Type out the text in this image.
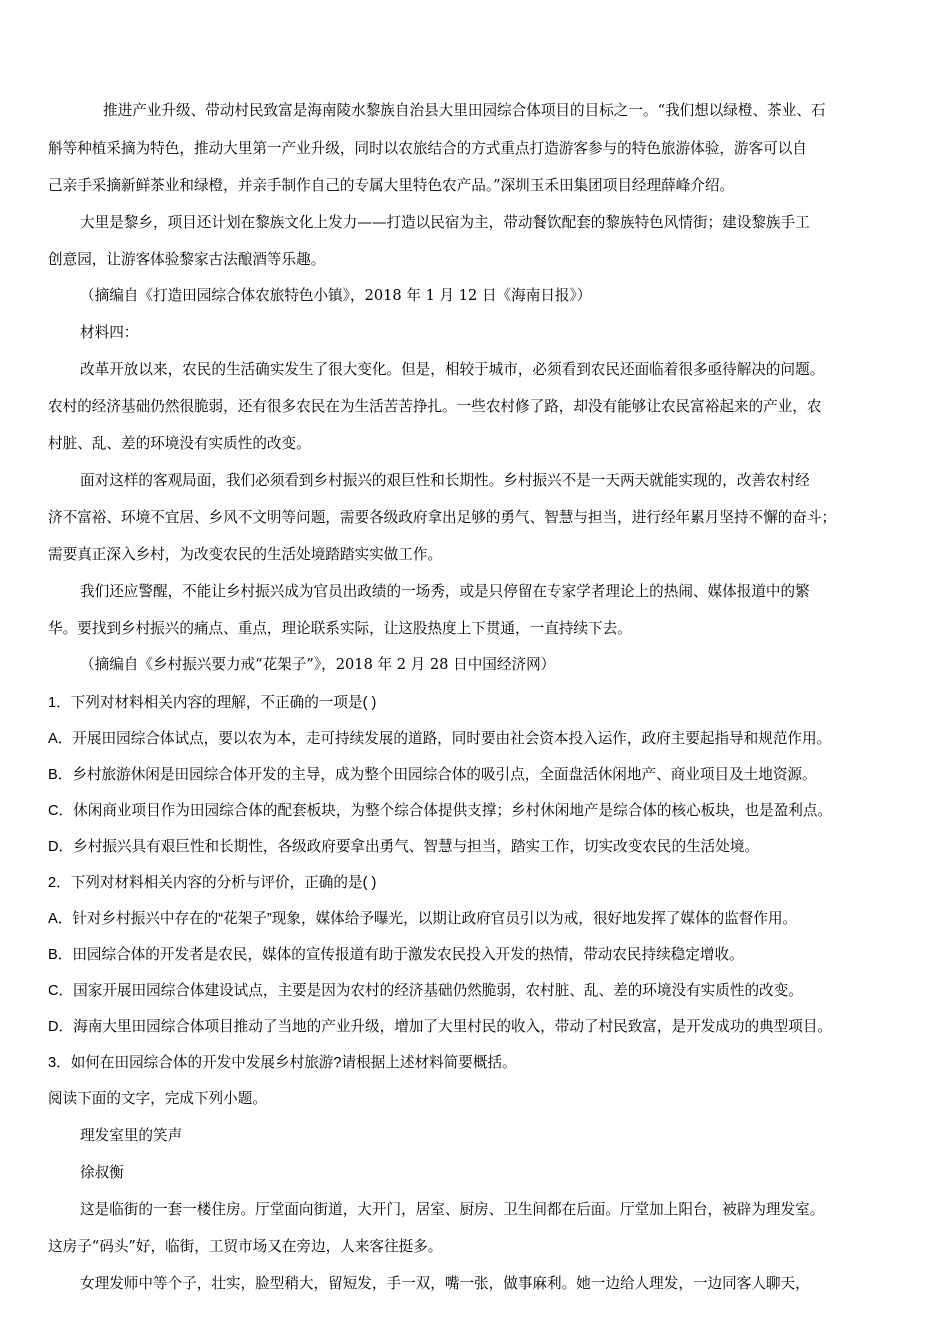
推进产业升级、带动村民致富是海南陵水黎族自治县大里田园综合体项目的目标之一。“我们想以绿橙、茶业、石
斛等种植采摘为特色，推动大里第一产业升级，同时以农旅结合的方式重点打造游客参与的特色旅游体验，游客可以自
己亲手采摘新鲜茶业和绿橙，并亲手制作自己的专属大里特色农产品。”深圳玉禾田集团项目经理薛峰介绍。
大里是黎乡，项目还计划在黎族文化上发力——打造以民宿为主，带动餐饮配套的黎族特色风情街；建设黎族手工
创意园，让游客体验黎家古法酿酒等乐趣。
（摘编自《打造田园综合体农旅特色小镇》，2018 年 1 月 12 日《海南日报》）
材料四：
改革开放以来，农民的生活确实发生了很大变化。但是，相较于城市，必须看到农民还面临着很多亟待解决的问题。
农村的经济基础仍然很脆弱，还有很多农民在为生活苦苦挣扎。一些农村修了路，却没有能够让农民富裕起来的产业，农
村脏、乱、差的环境没有实质性的改变。
面对这样的客观局面，我们必须看到乡村振兴的艰巨性和长期性。乡村振兴不是一天两天就能实现的，改善农村经
济不富裕、环境不宜居、乡风不文明等问题，需要各级政府拿出足够的勇气、智慧与担当，进行经年累月坚持不懈的奋斗；
需要真正深入乡村，为改变农民的生活处境踏踏实实做工作。
我们还应警醒，不能让乡村振兴成为官员出政绩的一场秀，或是只停留在专家学者理论上的热闹、媒体报道中的繁
华。要找到乡村振兴的痛点、重点，理论联系实际，让这股热度上下贯通，一直持续下去。
（摘编自《乡村振兴要力戒“花架子”》，2018 年 2 月 28 日中国经济网）
1．下列对材料相关内容的理解，不正确的一项是( )
A．开展田园综合体试点，要以农为本，走可持续发展的道路，同时要由社会资本投入运作，政府主要起指导和规范作用。
B．乡村旅游休闲是田园综合体开发的主导，成为整个田园综合体的吸引点，全面盘活休闲地产、商业项目及土地资源。
C．休闲商业项目作为田园综合体的配套板块，为整个综合体提供支撑；乡村休闲地产是综合体的核心板块，也是盈利点。
D．乡村振兴具有艰巨性和长期性，各级政府要拿出勇气、智慧与担当，踏实工作，切实改变农民的生活处境。
2．下列对材料相关内容的分析与评价，正确的是( )
A．针对乡村振兴中存在的“花架子”现象，媒体给予曝光，以期让政府官员引以为戒，很好地发挥了媒体的监督作用。
B．田园综合体的开发者是农民，媒体的宣传报道有助于激发农民投入开发的热情，带动农民持续稳定增收。
C．国家开展田园综合体建设试点，主要是因为农村的经济基础仍然脆弱，农村脏、乱、差的环境没有实质性的改变。
D．海南大里田园综合体项目推动了当地的产业升级，增加了大里村民的收入，带动了村民致富，是开发成功的典型项目。
3．如何在田园综合体的开发中发展乡村旅游?请根据上述材料简要概括。
阅读下面的文字，完成下列小题。
理发室里的笑声
徐叔衡
这是临街的一套一楼住房。厅堂面向街道，大开门，居室、厨房、卫生间都在后面。厅堂加上阳台，被辟为理发室。
这房子“码头”好，临街，工贸市场又在旁边，人来客往挺多。
女理发师中等个子，壮实，脸型稍大，留短发，手一双，嘴一张，做事麻利。她一边给人理发，一边同客人聊天，
